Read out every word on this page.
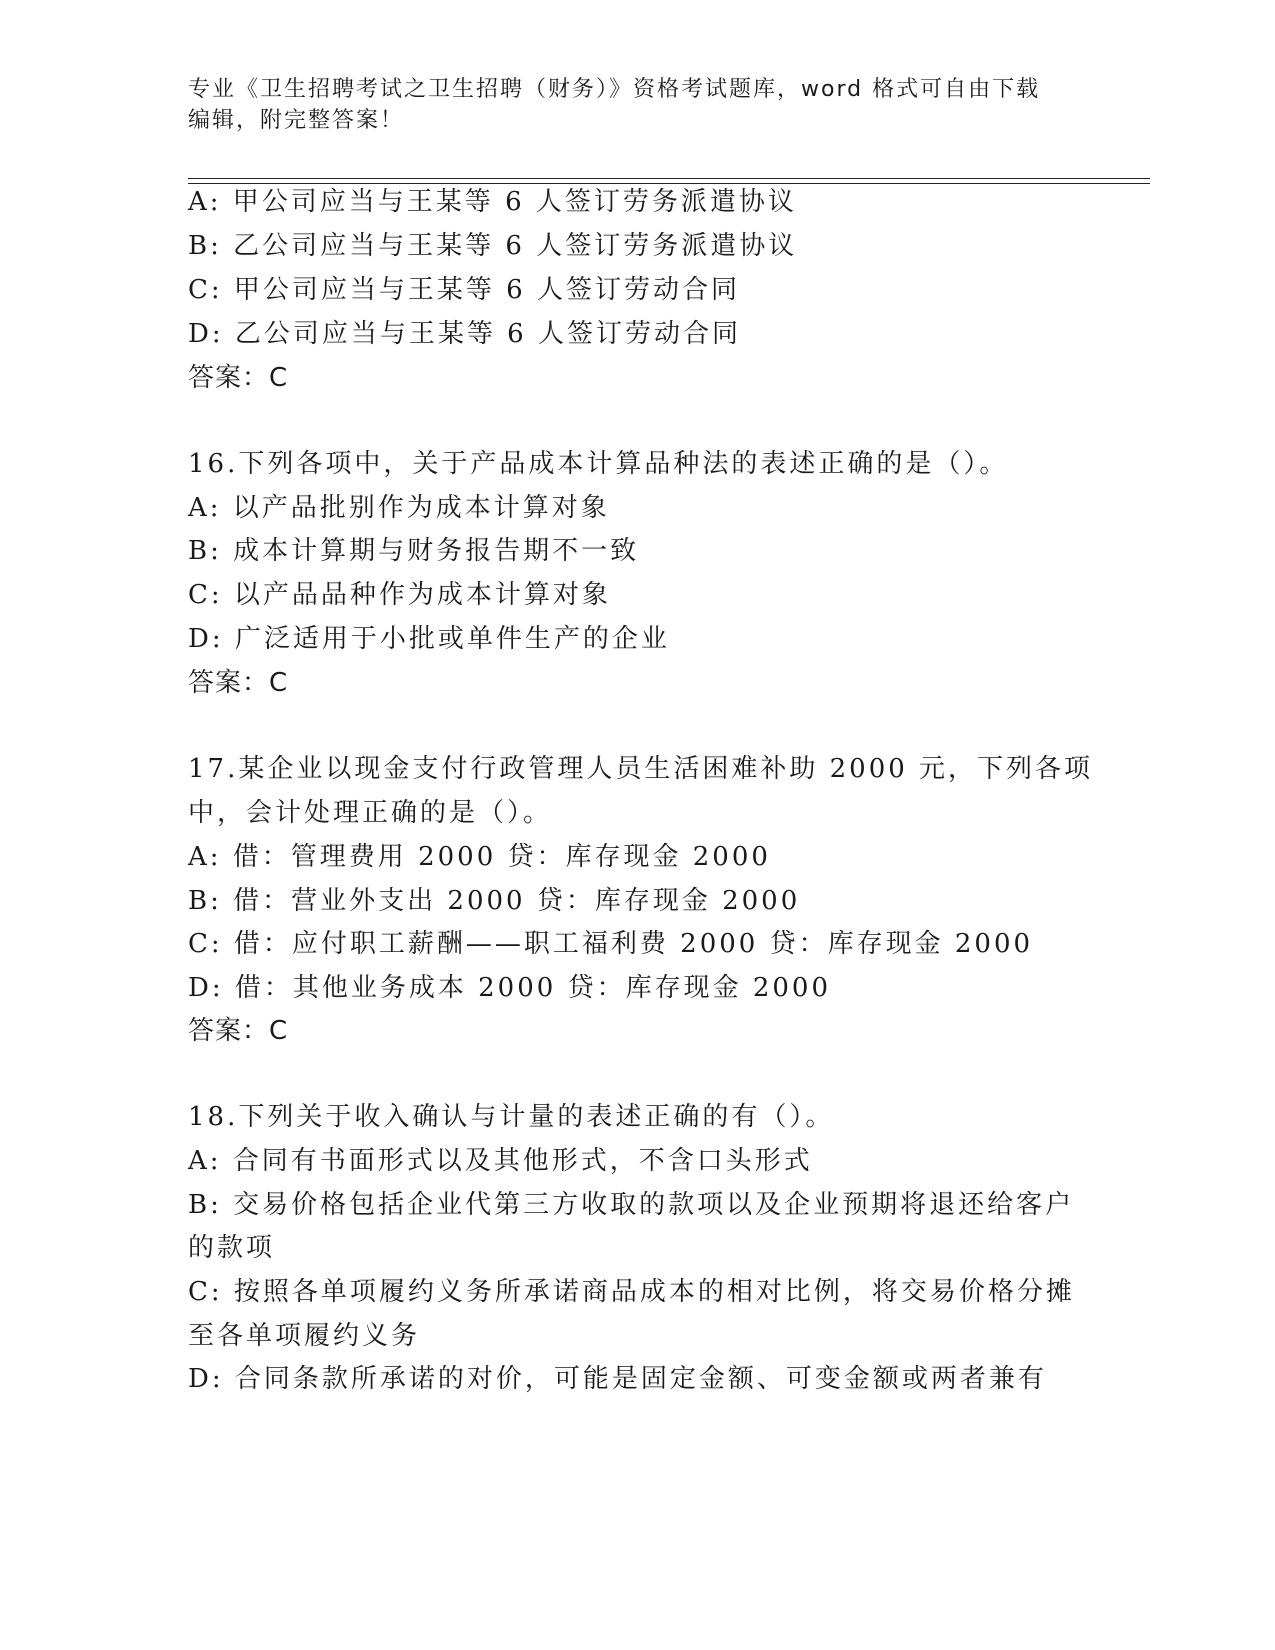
专业《卫生招聘考试之卫生招聘（财务）》资格考试题库，word 格式可自由下载
编辑，附完整答案！
A: 甲公司应当与王某等 6 人签订劳务派遣协议
B: 乙公司应当与王某等 6 人签订劳务派遣协议
C: 甲公司应当与王某等 6 人签订劳动合同
D: 乙公司应当与王某等 6 人签订劳动合同
答案：C
16.下列各项中，关于产品成本计算品种法的表述正确的是（）。
A: 以产品批别作为成本计算对象
B: 成本计算期与财务报告期不一致
C: 以产品品种作为成本计算对象
D: 广泛适用于小批或单件生产的企业
答案：C
17.某企业以现金支付行政管理人员生活困难补助 2000 元，下列各项
中，会计处理正确的是（）。
A: 借：管理费用 2000 贷：库存现金 2000
B: 借：营业外支出 2000 贷：库存现金 2000
C: 借：应付职工薪酬——职工福利费 2000 贷：库存现金 2000
D: 借：其他业务成本 2000 贷：库存现金 2000
答案：C
18.下列关于收入确认与计量的表述正确的有（）。
A: 合同有书面形式以及其他形式，不含口头形式
B: 交易价格包括企业代第三方收取的款项以及企业预期将退还给客户
的款项
C: 按照各单项履约义务所承诺商品成本的相对比例，将交易价格分摊
至各单项履约义务
D: 合同条款所承诺的对价，可能是固定金额、可变金额或两者兼有
